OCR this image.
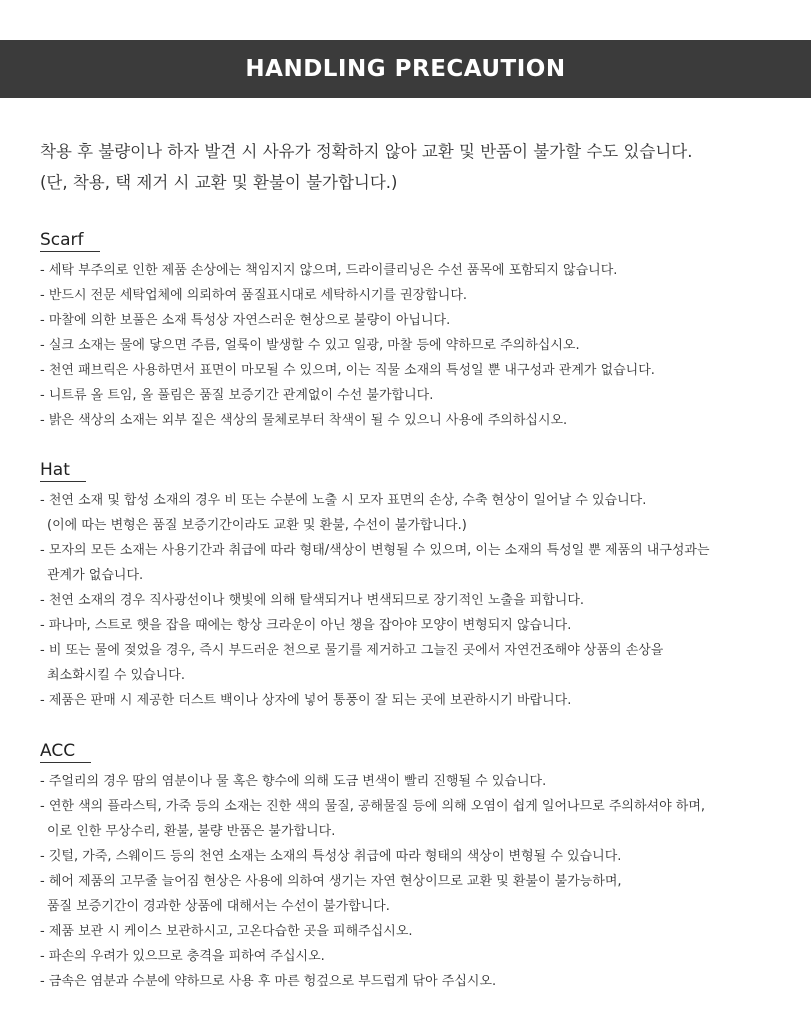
HANDLING PRECAUTION
착용 후 불량이나 하자 발견 시 사유가 정확하지 않아 교환 및 반품이 불가할 수도 있습니다.
(단, 착용, 택 제거 시 교환 및 환불이 불가합니다.)
Scarf
- 세탁 부주의로 인한 제품 손상에는 책임지지 않으며, 드라이클리닝은 수선 품목에 포함되지 않습니다.
- 반드시 전문 세탁업체에 의뢰하여 품질표시대로 세탁하시기를 권장합니다.
- 마찰에 의한 보풀은 소재 특성상 자연스러운 현상으로 불량이 아닙니다.
- 실크 소재는 물에 닿으면 주름, 얼룩이 발생할 수 있고 일광, 마찰 등에 약하므로 주의하십시오.
- 천연 패브릭은 사용하면서 표면이 마모될 수 있으며, 이는 직물 소재의 특성일 뿐 내구성과 관계가 없습니다.
- 니트류 올 트임, 올 풀림은 품질 보증기간 관계없이 수선 불가합니다.
- 밝은 색상의 소재는 외부 짙은 색상의 물체로부터 착색이 될 수 있으니 사용에 주의하십시오.
Hat
- 천연 소재 및 합성 소재의 경우 비 또는 수분에 노출 시 모자 표면의 손상, 수축 현상이 일어날 수 있습니다.
(이에 따는 변형은 품질 보증기간이라도 교환 및 환불, 수선이 불가합니다.)
- 모자의 모든 소재는 사용기간과 취급에 따라 형태/색상이 변형될 수 있으며, 이는 소재의 특성일 뿐 제품의 내구성과는
관계가 없습니다.
- 천연 소재의 경우 직사광선이나 햇빛에 의해 탈색되거나 변색되므로 장기적인 노출을 피합니다.
- 파나마, 스트로 햇을 잡을 때에는 항상 크라운이 아닌 챙을 잡아야 모양이 변형되지 않습니다.
- 비 또는 물에 젖었을 경우, 즉시 부드러운 천으로 물기를 제거하고 그늘진 곳에서 자연건조해야 상품의 손상을
최소화시킬 수 있습니다.
- 제품은 판매 시 제공한 더스트 백이나 상자에 넣어 통풍이 잘 되는 곳에 보관하시기 바랍니다.
ACC
- 주얼리의 경우 땀의 염분이나 물 혹은 향수에 의해 도금 변색이 빨리 진행될 수 있습니다.
- 연한 색의 플라스틱, 가죽 등의 소재는 진한 색의 물질, 공해물질 등에 의해 오염이 쉽게 일어나므로 주의하셔야 하며,
이로 인한 무상수리, 환불, 불량 반품은 불가합니다.
- 깃털, 가죽, 스웨이드 등의 천연 소재는 소재의 특성상 취급에 따라 형태의 색상이 변형될 수 있습니다.
- 헤어 제품의 고무줄 늘어짐 현상은 사용에 의하여 생기는 자연 현상이므로 교환 및 환불이 불가능하며,
품질 보증기간이 경과한 상품에 대해서는 수선이 불가합니다.
- 제품 보관 시 케이스 보관하시고, 고온다습한 곳을 피해주십시오.
- 파손의 우려가 있으므로 충격을 피하여 주십시오.
- 금속은 염분과 수분에 약하므로 사용 후 마른 헝겊으로 부드럽게 닦아 주십시오.
